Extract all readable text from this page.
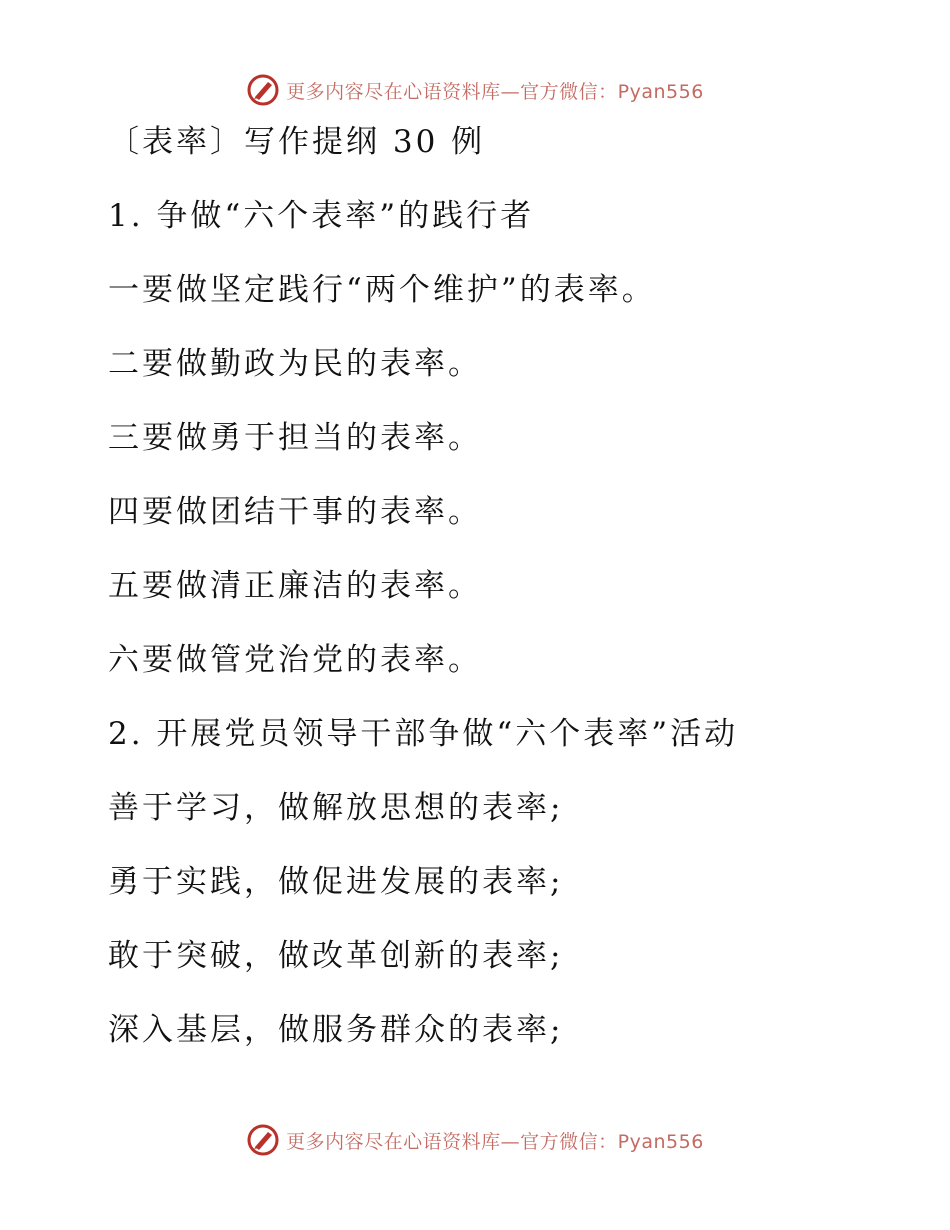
更多内容尽在心语资料库—官方微信：Pyan556
〔表率〕写作提纲 30 例
1. 争做“六个表率”的践行者
一要做坚定践行“两个维护”的表率。
二要做勤政为民的表率。
三要做勇于担当的表率。
四要做团结干事的表率。
五要做清正廉洁的表率。
六要做管党治党的表率。
2. 开展党员领导干部争做“六个表率”活动
善于学习，做解放思想的表率;
勇于实践，做促进发展的表率;
敢于突破，做改革创新的表率;
深入基层，做服务群众的表率;
更多内容尽在心语资料库—官方微信：Pyan556
